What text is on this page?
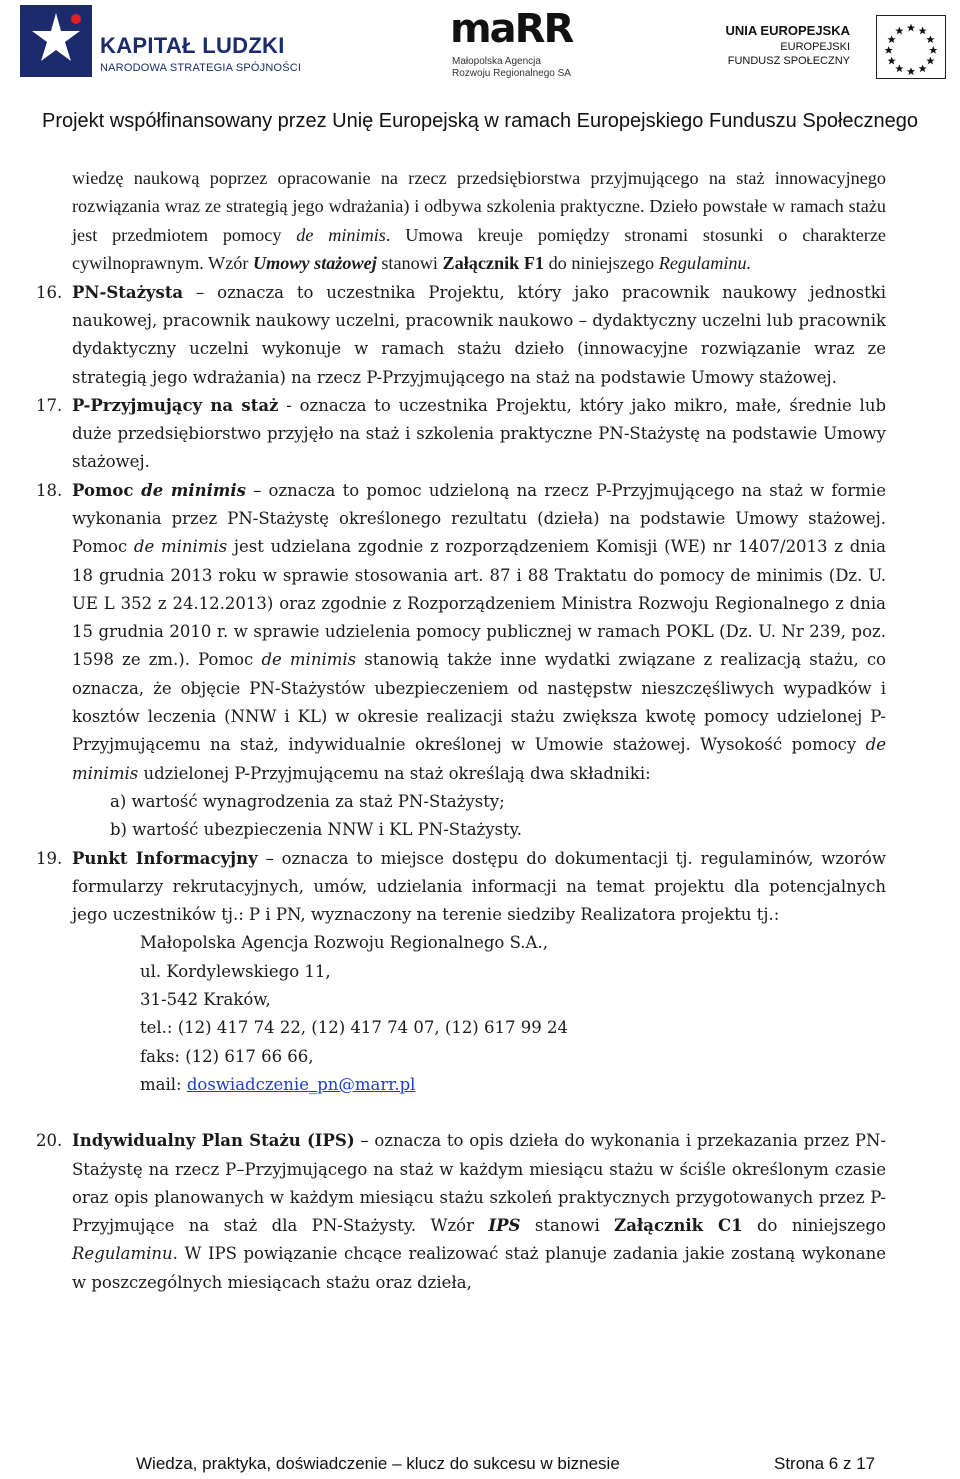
KAPITAŁ LUDZKI
NARODOWA STRATEGIA SPÓJNOŚCI
maRR
Małopolska Agencja
Rozwoju Regionalnego SA
UNIA EUROPEJSKA
EUROPEJSKI
FUNDUSZ SPOŁECZNY
Projekt współfinansowany przez Unię Europejską w ramach Europejskiego Funduszu Społecznego

wiedzę naukową poprzez opracowanie na rzecz przedsiębiorstwa przyjmującego na staż innowacyjnego rozwiązania wraz ze strategią jego wdrażania) i odbywa szkolenia praktyczne. Dzieło powstałe w ramach stażu jest przedmiotem pomocy de minimis. Umowa kreuje pomiędzy stronami stosunki o charakterze cywilnoprawnym. Wzór Umowy stażowej stanowi Załącznik F1 do niniejszego Regulaminu.

16. PN-Stażysta – oznacza to uczestnika Projektu, który jako pracownik naukowy jednostki naukowej, pracownik naukowy uczelni, pracownik naukowo – dydaktyczny uczelni lub pracownik dydaktyczny uczelni wykonuje w ramach stażu dzieło (innowacyjne rozwiązanie wraz ze strategią jego wdrażania) na rzecz P-Przyjmującego na staż na podstawie Umowy stażowej.

17. P-Przyjmujący na staż - oznacza to uczestnika Projektu, który jako mikro, małe, średnie lub duże przedsiębiorstwo przyjęło na staż i szkolenia praktyczne PN-Stażystę na podstawie Umowy stażowej.

18. Pomoc de minimis – oznacza to pomoc udzieloną na rzecz P-Przyjmującego na staż w formie wykonania przez PN-Stażystę określonego rezultatu (dzieła) na podstawie Umowy stażowej. Pomoc de minimis jest udzielana zgodnie z rozporządzeniem Komisji (WE) nr 1407/2013 z dnia 18 grudnia 2013 roku w sprawie stosowania art. 87 i 88 Traktatu do pomocy de minimis (Dz. U. UE L 352 z 24.12.2013) oraz zgodnie z Rozporządzeniem Ministra Rozwoju Regionalnego z dnia 15 grudnia 2010 r. w sprawie udzielenia pomocy publicznej w ramach POKL (Dz. U. Nr 239, poz. 1598 ze zm.). Pomoc de minimis stanowią także inne wydatki związane z realizacją stażu, co oznacza, że objęcie PN-Stażystów ubezpieczeniem od następstw nieszczęśliwych wypadków i kosztów leczenia (NNW i KL) w okresie realizacji stażu zwiększa kwotę pomocy udzielonej P-Przyjmującemu na staż, indywidualnie określonej w Umowie stażowej. Wysokość pomocy de minimis udzielonej P-Przyjmującemu na staż określają dwa składniki:

a) wartość wynagrodzenia za staż PN-Stażysty;

b) wartość ubezpieczenia NNW i KL PN-Stażysty.

19. Punkt Informacyjny – oznacza to miejsce dostępu do dokumentacji tj. regulaminów, wzorów formularzy rekrutacyjnych, umów, udzielania informacji na temat projektu dla potencjalnych jego uczestników tj.: P i PN, wyznaczony na terenie siedziby Realizatora projektu tj.:

Małopolska Agencja Rozwoju Regionalnego S.A.,
ul. Kordylewskiego 11,
31-542 Kraków,
tel.: (12) 417 74 22, (12) 417 74 07, (12) 617 99 24
faks: (12) 617 66 66,
mail: doswiadczenie_pn@marr.pl

20. Indywidualny Plan Stażu (IPS) – oznacza to opis dzieła do wykonania i przekazania przez PN-Stażystę na rzecz P–Przyjmującego na staż w każdym miesiącu stażu w ściśle określonym czasie oraz opis planowanych w każdym miesiącu stażu szkoleń praktycznych przygotowanych przez P-Przyjmujące na staż dla PN-Stażysty. Wzór IPS stanowi Załącznik C1 do niniejszego Regulaminu. W IPS powiązanie chcące realizować staż planuje zadania jakie zostaną wykonane w poszczególnych miesiącach stażu oraz dzieła,

Wiedza, praktyka, doświadczenie – klucz do sukcesu w biznesie	Strona 6 z 17
